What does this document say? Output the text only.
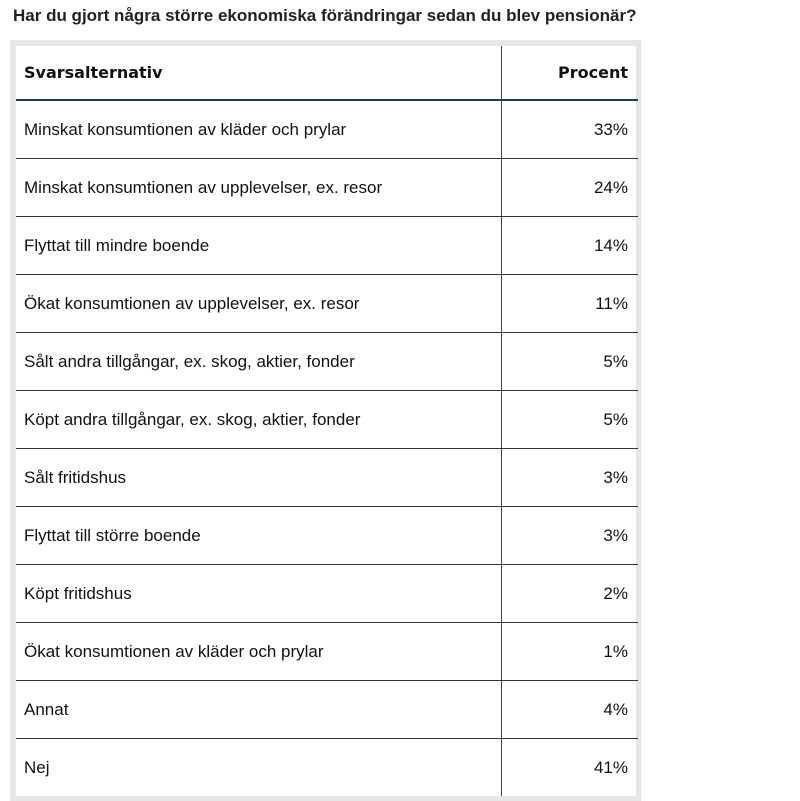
Har du gjort några större ekonomiska förändringar sedan du blev pensionär?
Svarsalternativ	Procent
Minskat konsumtionen av kläder och prylar	33%
Minskat konsumtionen av upplevelser, ex. resor	24%
Flyttat till mindre boende	14%
Ökat konsumtionen av upplevelser, ex. resor	11%
Sålt andra tillgångar, ex. skog, aktier, fonder	5%
Köpt andra tillgångar, ex. skog, aktier, fonder	5%
Sålt fritidshus	3%
Flyttat till större boende	3%
Köpt fritidshus	2%
Ökat konsumtionen av kläder och prylar	1%
Annat	4%
Nej	41%
